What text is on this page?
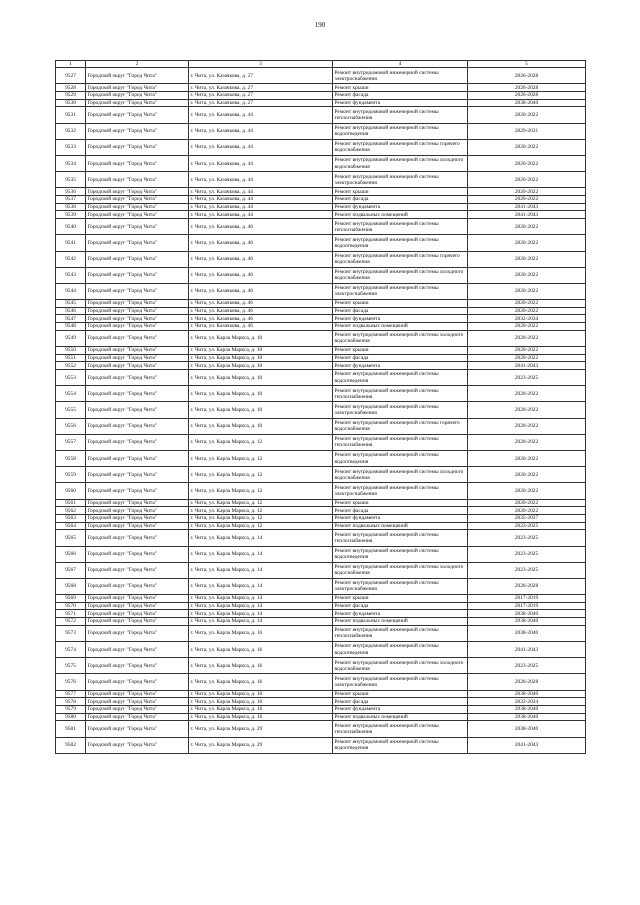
190
1	2	3	4	5
9527	Городской округ "Город Чита"	г. Чита, ул. Казачкова, д. 27	Ремонт внутридомовой инженерной системы электроснабжения	2026-2028
9528	Городской округ "Город Чита"	г. Чита, ул. Казачкова, д. 27	Ремонт крыши	2026-2028
9529	Городской округ "Город Чита"	г. Чита, ул. Казачкова, д. 27	Ремонт фасада	2026-2028
9530	Городской округ "Город Чита"	г. Чита, ул. Казачкова, д. 27	Ремонт фундамента	2038-2040
9531	Городской округ "Город Чита"	г. Чита, ул. Казачкова, д. 44	Ремонт внутридомовой инженерной системы теплоснабжения	2020-2022
9532	Городской округ "Город Чита"	г. Чита, ул. Казачкова, д. 44	Ремонт внутридомовой инженерной системы водоотведения	2029-2031
9533	Городской округ "Город Чита"	г. Чита, ул. Казачкова, д. 44	Ремонт внутридомовой инженерной системы горячего водоснабжения	2020-2022
9534	Городской округ "Город Чита"	г. Чита, ул. Казачкова, д. 44	Ремонт внутридомовой инженерной системы холодного водоснабжения	2020-2022
9535	Городской округ "Город Чита"	г. Чита, ул. Казачкова, д. 44	Ремонт внутридомовой инженерной системы электроснабжения	2020-2022
9536	Городской округ "Город Чита"	г. Чита, ул. Казачкова, д. 44	Ремонт крыши	2020-2022
9537	Городской округ "Город Чита"	г. Чита, ул. Казачкова, д. 44	Ремонт фасада	2020-2022
9538	Городской округ "Город Чита"	г. Чита, ул. Казачкова, д. 44	Ремонт фундамента	2041-2043
9539	Городской округ "Город Чита"	г. Чита, ул. Казачкова, д. 44	Ремонт подвальных помещений	2041-2043
9540	Городской округ "Город Чита"	г. Чита, ул. Казачкова, д. 46	Ремонт внутридомовой инженерной системы теплоснабжения	2020-2022
9541	Городской округ "Город Чита"	г. Чита, ул. Казачкова, д. 46	Ремонт внутридомовой инженерной системы водоотведения	2020-2022
9542	Городской округ "Город Чита"	г. Чита, ул. Казачкова, д. 46	Ремонт внутридомовой инженерной системы горячего водоснабжения	2020-2022
9543	Городской округ "Город Чита"	г. Чита, ул. Казачкова, д. 46	Ремонт внутридомовой инженерной системы холодного водоснабжения	2020-2022
9544	Городской округ "Город Чита"	г. Чита, ул. Казачкова, д. 46	Ремонт внутридомовой инженерной системы электроснабжения	2020-2022
9545	Городской округ "Город Чита"	г. Чита, ул. Казачкова, д. 46	Ремонт крыши	2020-2022
9546	Городской округ "Город Чита"	г. Чита, ул. Казачкова, д. 46	Ремонт фасада	2020-2022
9547	Городской округ "Город Чита"	г. Чита, ул. Казачкова, д. 46	Ремонт фундамента	2032-2034
9548	Городской округ "Город Чита"	г. Чита, ул. Казачкова, д. 46	Ремонт подвальных помещений	2020-2022
9549	Городской округ "Город Чита"	г. Чита, ул. Карла Маркса, д. 10	Ремонт внутридомовой инженерной системы холодного водоснабжения	2020-2022
9550	Городской округ "Город Чита"	г. Чита, ул. Карла Маркса, д. 10	Ремонт крыши	2020-2022
9551	Городской округ "Город Чита"	г. Чита, ул. Карла Маркса, д. 10	Ремонт фасада	2020-2022
9552	Городской округ "Город Чита"	г. Чита, ул. Карла Маркса, д. 10	Ремонт фундамента	2041-2043
9553	Городской округ "Город Чита"	г. Чита, ул. Карла Маркса, д. 10	Ремонт внутридомовой инженерной системы водоотведения	2023-2025
9554	Городской округ "Город Чита"	г. Чита, ул. Карла Маркса, д. 10	Ремонт внутридомовой инженерной системы теплоснабжения	2020-2022
9555	Городской округ "Город Чита"	г. Чита, ул. Карла Маркса, д. 10	Ремонт внутридомовой инженерной системы электроснабжения	2020-2022
9556	Городской округ "Город Чита"	г. Чита, ул. Карла Маркса, д. 10	Ремонт внутридомовой инженерной системы горячего водоснабжения	2020-2022
9557	Городской округ "Город Чита"	г. Чита, ул. Карла Маркса, д. 12	Ремонт внутридомовой инженерной системы теплоснабжения	2020-2022
9558	Городской округ "Город Чита"	г. Чита, ул. Карла Маркса, д. 12	Ремонт внутридомовой инженерной системы водоотведения	2020-2022
9559	Городской округ "Город Чита"	г. Чита, ул. Карла Маркса, д. 12	Ремонт внутридомовой инженерной системы холодного водоснабжения	2020-2022
9560	Городской округ "Город Чита"	г. Чита, ул. Карла Маркса, д. 12	Ремонт внутридомовой инженерной системы электроснабжения	2020-2022
9561	Городской округ "Город Чита"	г. Чита, ул. Карла Маркса, д. 12	Ремонт крыши	2020-2022
9562	Городской округ "Город Чита"	г. Чита, ул. Карла Маркса, д. 12	Ремонт фасада	2020-2022
9563	Городской округ "Город Чита"	г. Чита, ул. Карла Маркса, д. 12	Ремонт фундамента	2035-2037
9564	Городской округ "Город Чита"	г. Чита, ул. Карла Маркса, д. 12	Ремонт подвальных помещений	2023-2025
9565	Городской округ "Город Чита"	г. Чита, ул. Карла Маркса, д. 14	Ремонт внутридомовой инженерной системы теплоснабжения	2023-2025
9566	Городской округ "Город Чита"	г. Чита, ул. Карла Маркса, д. 14	Ремонт внутридомовой инженерной системы водоотведения	2023-2025
9567	Городской округ "Город Чита"	г. Чита, ул. Карла Маркса, д. 14	Ремонт внутридомовой инженерной системы холодного водоснабжения	2023-2025
9568	Городской округ "Город Чита"	г. Чита, ул. Карла Маркса, д. 14	Ремонт внутридомовой инженерной системы электроснабжения	2026-2028
9569	Городской округ "Город Чита"	г. Чита, ул. Карла Маркса, д. 14	Ремонт крыши	2017-2019
9570	Городской округ "Город Чита"	г. Чита, ул. Карла Маркса, д. 14	Ремонт фасада	2017-2019
9571	Городской округ "Город Чита"	г. Чита, ул. Карла Маркса, д. 14	Ремонт фундамента	2038-2040
9572	Городской округ "Город Чита"	г. Чита, ул. Карла Маркса, д. 14	Ремонт подвальных помещений	2038-2040
9573	Городской округ "Город Чита"	г. Чита, ул. Карла Маркса, д. 16	Ремонт внутридомовой инженерной системы теплоснабжения	2038-2040
9574	Городской округ "Город Чита"	г. Чита, ул. Карла Маркса, д. 16	Ремонт внутридомовой инженерной системы водоотведения	2041-2043
9575	Городской округ "Город Чита"	г. Чита, ул. Карла Маркса, д. 16	Ремонт внутридомовой инженерной системы холодного водоснабжения	2023-2025
9576	Городской округ "Город Чита"	г. Чита, ул. Карла Маркса, д. 16	Ремонт внутридомовой инженерной системы электроснабжения	2026-2028
9577	Городской округ "Город Чита"	г. Чита, ул. Карла Маркса, д. 16	Ремонт крыши	2038-2040
9578	Городской округ "Город Чита"	г. Чита, ул. Карла Маркса, д. 16	Ремонт фасада	2032-2034
9579	Городской округ "Город Чита"	г. Чита, ул. Карла Маркса, д. 16	Ремонт фундамента	2038-2040
9580	Городской округ "Город Чита"	г. Чита, ул. Карла Маркса, д. 16	Ремонт подвальных помещений	2038-2040
9581	Городской округ "Город Чита"	г. Чита, ул. Карла Маркса, д. 29	Ремонт внутридомовой инженерной системы теплоснабжения	2038-2040
9582	Городской округ "Город Чита"	г. Чита, ул. Карла Маркса, д. 29	Ремонт внутридомовой инженерной системы водоотведения	2041-2043
